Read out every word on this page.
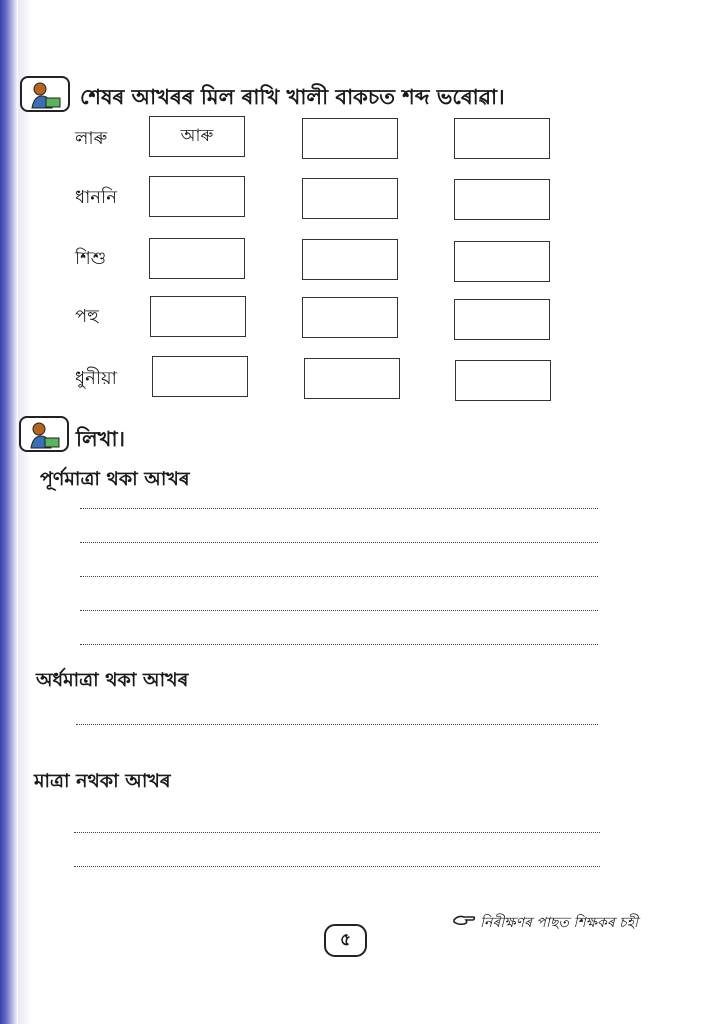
শেষৰ আখৰৰ মিল ৰাখি খালী বাকচত শব্দ ভৰোৱা।
লাৰু	আৰু
ধাননি
শিশু
পহু
ধুনীয়া
লিখা।
পূর্ণমাত্রা থকা আখৰ
অর্ধমাত্রা থকা আখৰ
মাত্রা নথকা আখৰ
নিৰীক্ষণৰ পাছত শিক্ষকৰ চহী
৫
